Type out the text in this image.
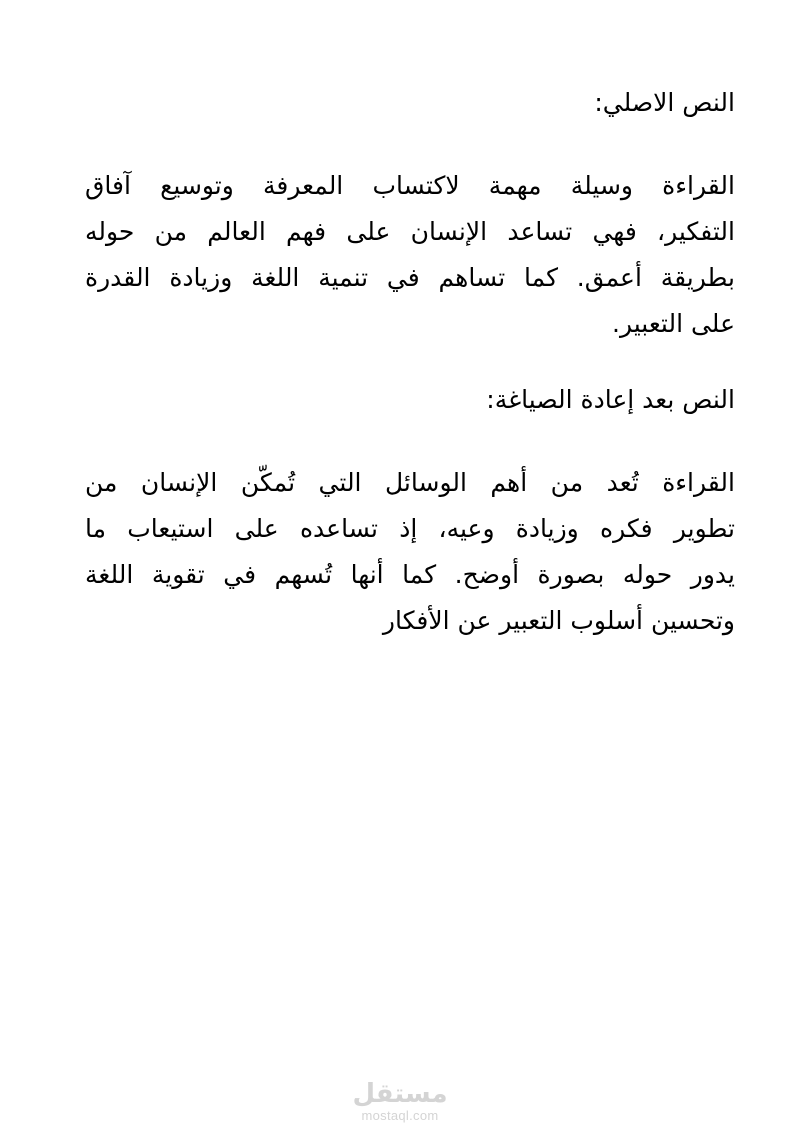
النص الاصلي:
القراءة وسيلة مهمة لاكتساب المعرفة وتوسيع آفاق
التفكير، فهي تساعد الإنسان على فهم العالم من حوله
بطريقة أعمق. كما تساهم في تنمية اللغة وزيادة القدرة
على التعبير.
النص بعد إعادة الصياغة:
القراءة تُعد من أهم الوسائل التي تُمكّن الإنسان من
تطوير فكره وزيادة وعيه، إذ تساعده على استيعاب ما
يدور حوله بصورة أوضح. كما أنها تُسهم في تقوية اللغة
وتحسين أسلوب التعبير عن الأفكار
مستقل
mostaql.com
